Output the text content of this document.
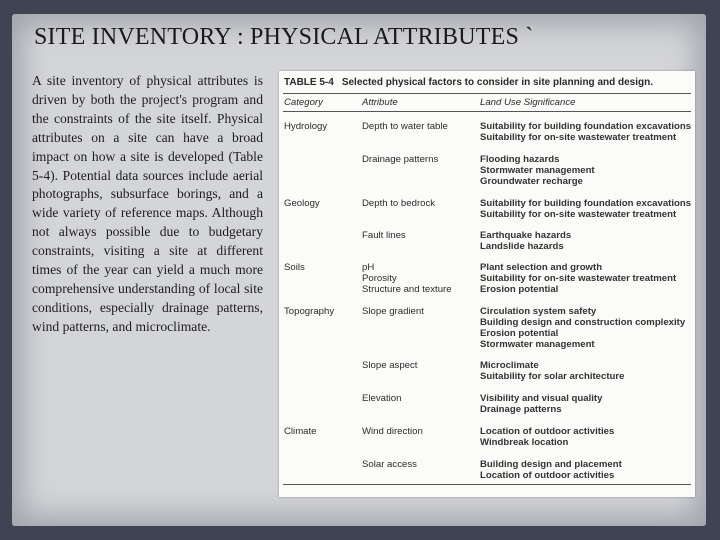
SITE INVENTORY : PHYSICAL ATTRIBUTES `
A site inventory of physical attributes is driven by both the project's program and the constraints of the site itself. Physical attributes on a site can have a broad impact on how a site is developed (Table 5-4). Potential data sources include aerial photographs, subsurface borings, and a wide variety of reference maps. Although not always possible due to budgetary constraints, visiting a site at different times of the year can yield a much more comprehensive understanding of local site conditions, especially drainage patterns, wind patterns, and microclimate.
TABLE 5-4 Selected physical factors to consider in site planning and design.
Category	Attribute	Land Use Significance
Hydrology	Depth to water table	Suitability for building foundation excavations
Suitability for on-site wastewater treatment
Drainage patterns	Flooding hazards
Stormwater management
Groundwater recharge
Geology	Depth to bedrock	Suitability for building foundation excavations
Suitability for on-site wastewater treatment
Fault lines	Earthquake hazards
Landslide hazards
Soils	pH	Plant selection and growth
Porosity	Suitability for on-site wastewater treatment
Structure and texture	Erosion potential
Topography	Slope gradient	Circulation system safety
Building design and construction complexity
Erosion potential
Stormwater management
Slope aspect	Microclimate
Suitability for solar architecture
Elevation	Visibility and visual quality
Drainage patterns
Climate	Wind direction	Location of outdoor activities
Windbreak location
Solar access	Building design and placement
Location of outdoor activities
